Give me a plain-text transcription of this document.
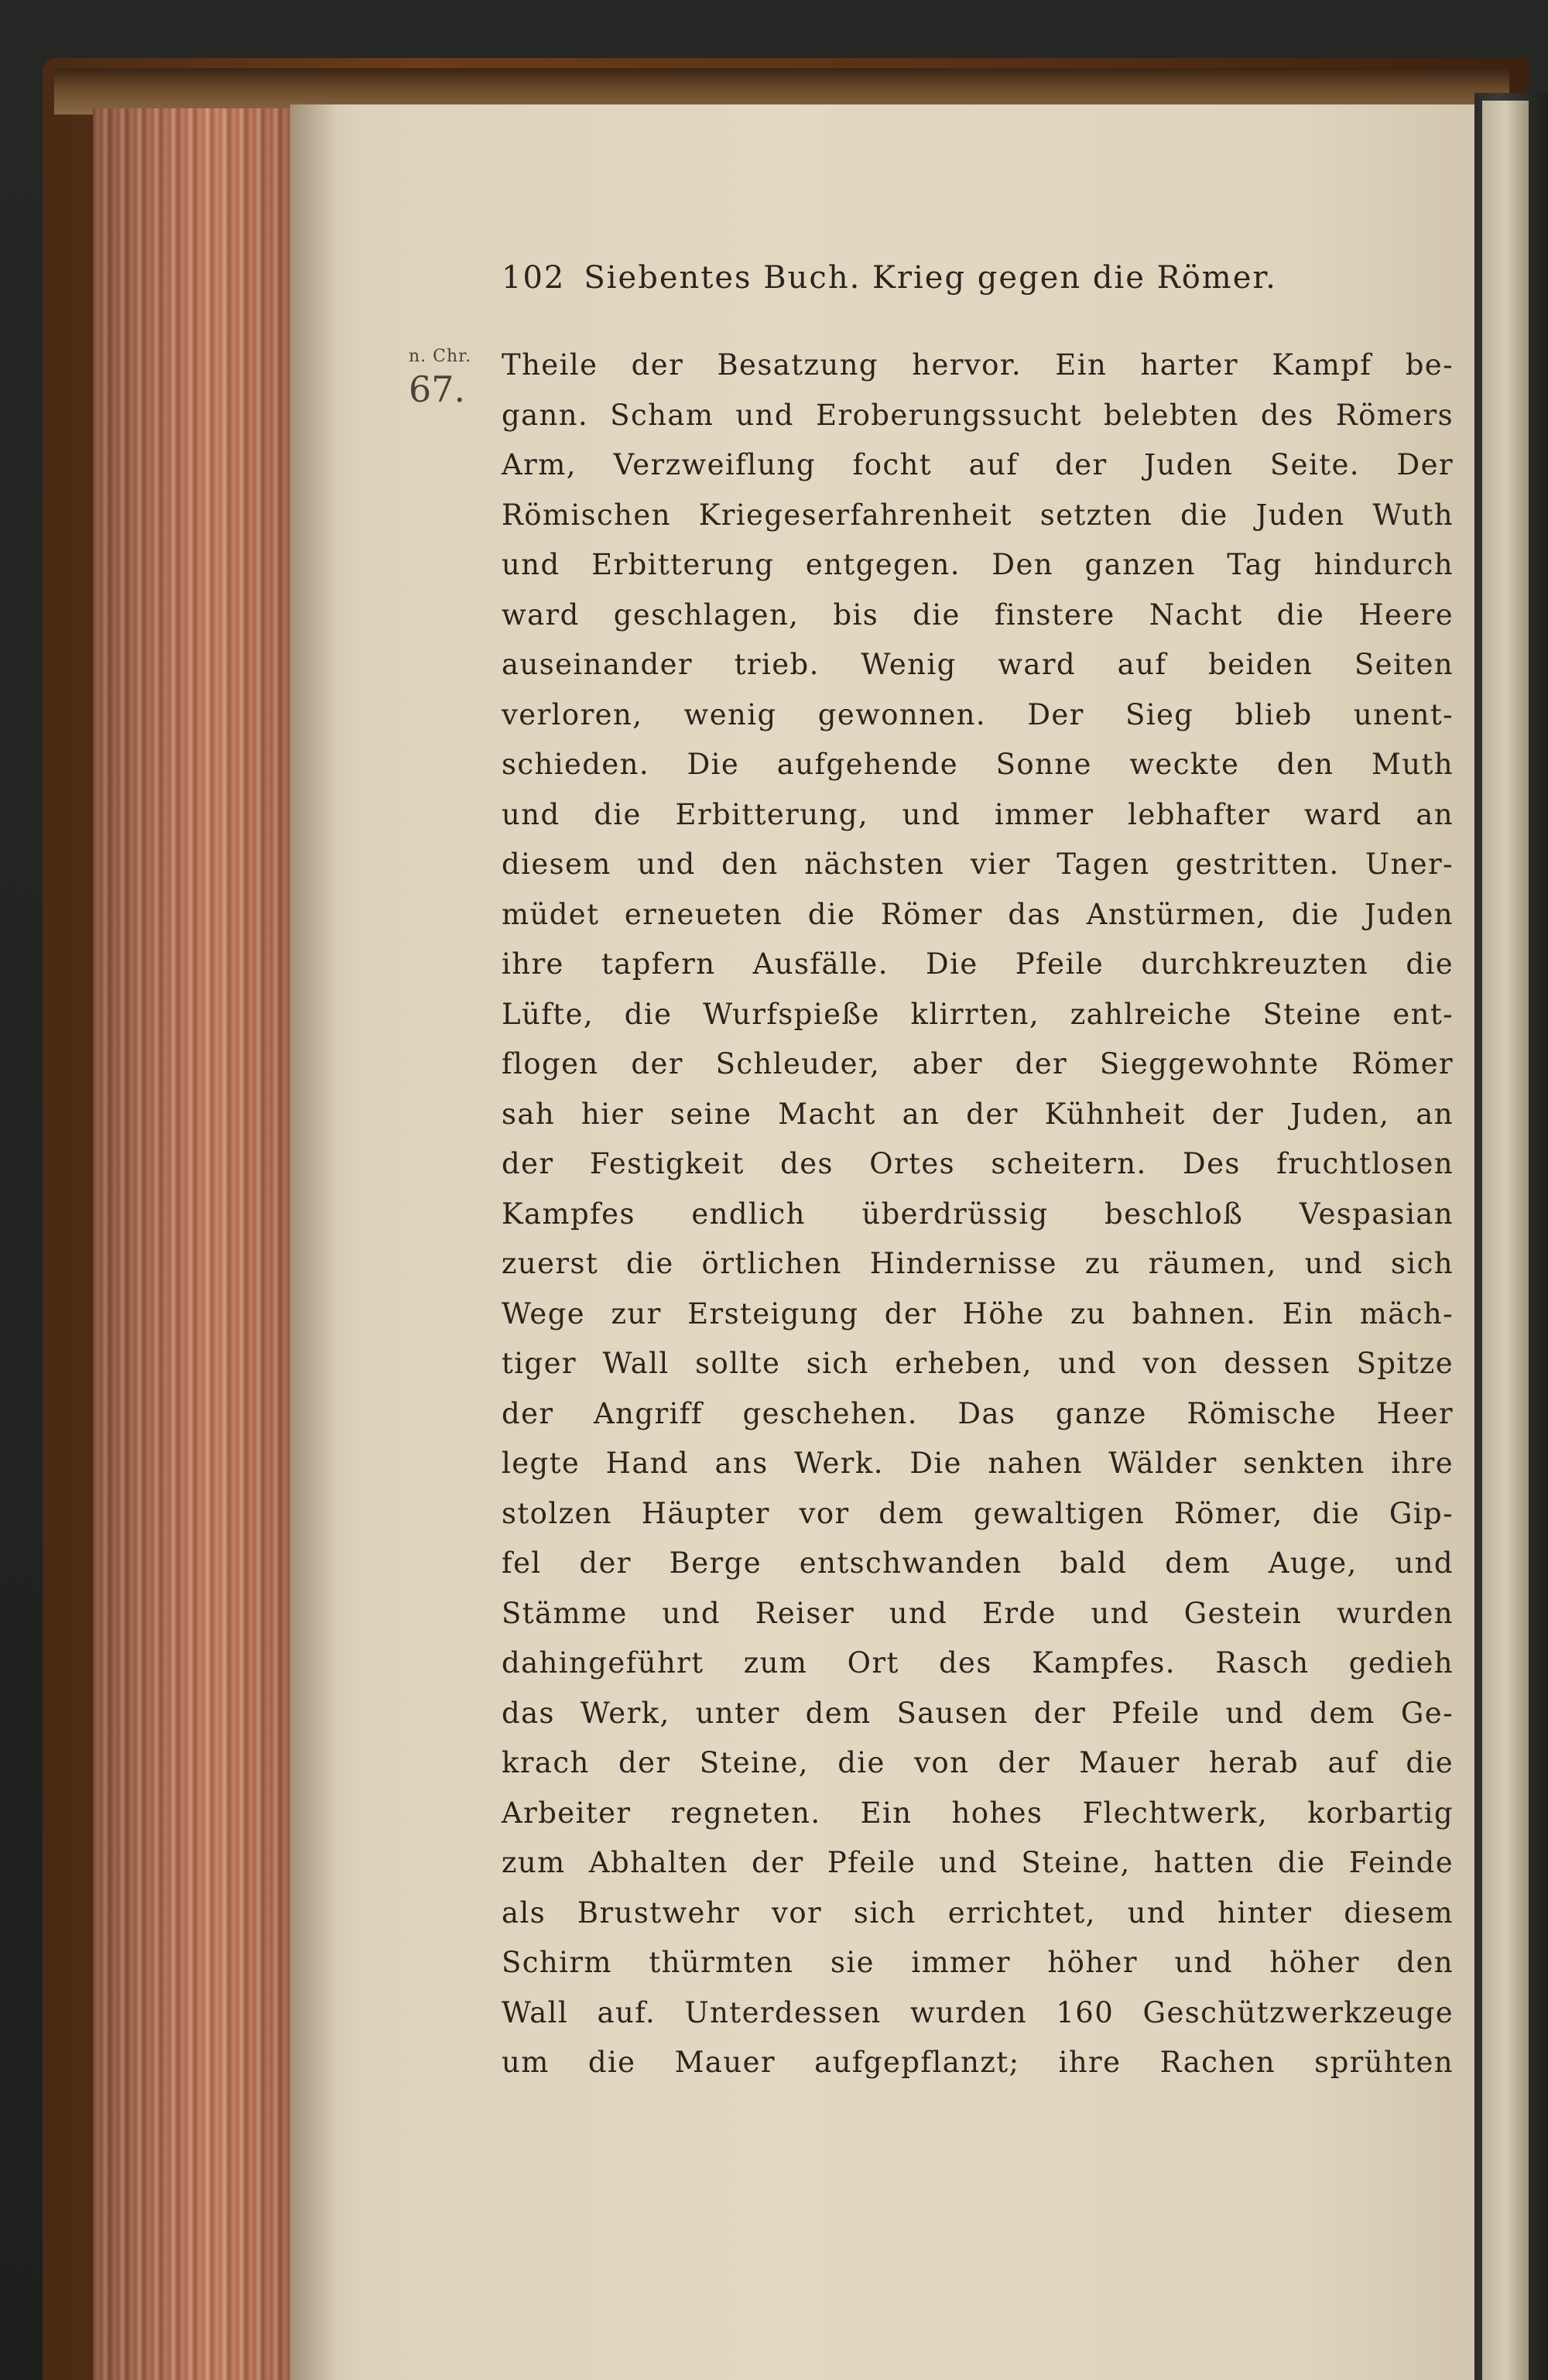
102 Siebentes Buch. Krieg gegen die Römer.
n. Chr.
67.
Theile der Besatzung hervor. Ein harter Kampf be-
gann. Scham und Eroberungssucht belebten des Römers
Arm, Verzweiflung focht auf der Juden Seite. Der
Römischen Kriegeserfahrenheit setzten die Juden Wuth
und Erbitterung entgegen. Den ganzen Tag hindurch
ward geschlagen, bis die finstere Nacht die Heere
auseinander trieb. Wenig ward auf beiden Seiten
verloren, wenig gewonnen. Der Sieg blieb unent-
schieden. Die aufgehende Sonne weckte den Muth
und die Erbitterung, und immer lebhafter ward an
diesem und den nächsten vier Tagen gestritten. Uner-
müdet erneueten die Römer das Anstürmen, die Juden
ihre tapfern Ausfälle. Die Pfeile durchkreuzten die
Lüfte, die Wurfspieße klirrten, zahlreiche Steine ent-
flogen der Schleuder, aber der Sieggewohnte Römer
sah hier seine Macht an der Kühnheit der Juden, an
der Festigkeit des Ortes scheitern. Des fruchtlosen
Kampfes endlich überdrüssig beschloß Vespasian
zuerst die örtlichen Hindernisse zu räumen, und sich
Wege zur Ersteigung der Höhe zu bahnen. Ein mäch-
tiger Wall sollte sich erheben, und von dessen Spitze
der Angriff geschehen. Das ganze Römische Heer
legte Hand ans Werk. Die nahen Wälder senkten ihre
stolzen Häupter vor dem gewaltigen Römer, die Gip-
fel der Berge entschwanden bald dem Auge, und
Stämme und Reiser und Erde und Gestein wurden
dahingeführt zum Ort des Kampfes. Rasch gedieh
das Werk, unter dem Sausen der Pfeile und dem Ge-
krach der Steine, die von der Mauer herab auf die
Arbeiter regneten. Ein hohes Flechtwerk, korbartig
zum Abhalten der Pfeile und Steine, hatten die Feinde
als Brustwehr vor sich errichtet, und hinter diesem
Schirm thürmten sie immer höher und höher den
Wall auf. Unterdessen wurden 160 Geschützwerkzeuge
um die Mauer aufgepflanzt; ihre Rachen sprühten
